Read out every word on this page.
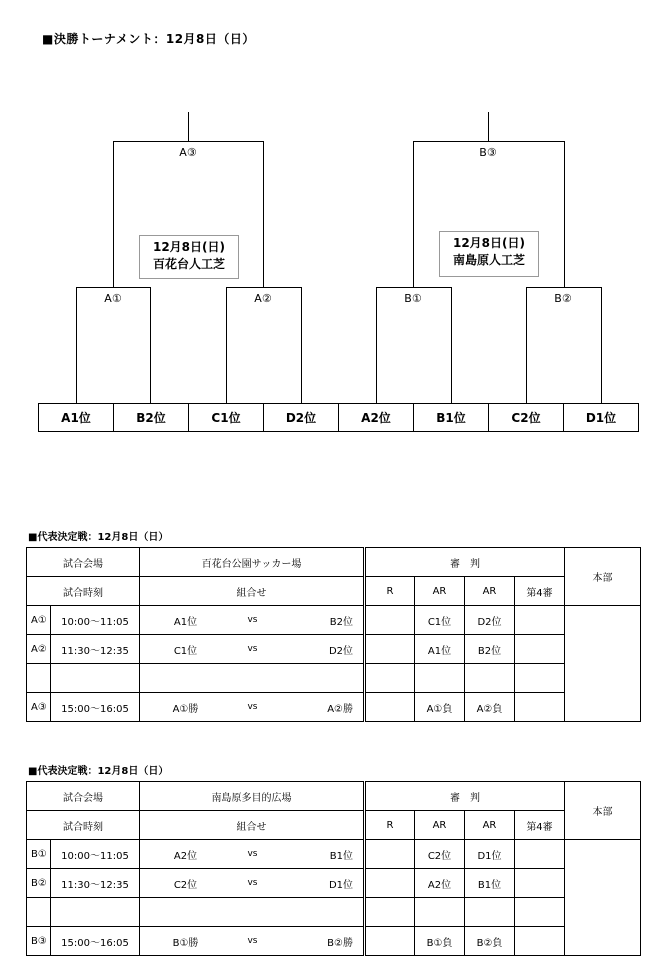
■決勝トーナメント：12月8日（日）
A③
A①	A②
B③
B①	B②
12月8日(日)
百花台人工芝
12月8日(日)
南島原人工芝
A1位	B2位	C1位	D2位	A2位	B1位	C2位	D1位
■代表決定戦：12月8日（日）
試合会場		百花台公園サッカー場	審　判				本部
試合時刻		組合せ	R	AR	AR	第4審	
A①	10:00～11:05	A1位 vs B2位		C1位	D2位		
A②	11:30～12:35	C1位 vs D2位		A1位	B2位		

A③	15:00～16:05	A①勝 vs A②勝		A①負	A②負		
■代表決定戦：12月8日（日）
試合会場		南島原多目的広場	審　判				本部
試合時刻		組合せ	R	AR	AR	第4審	
B①	10:00～11:05	A2位 vs B1位		C2位	D1位		
B②	11:30～12:35	C2位 vs D1位		A2位	B1位		

B③	15:00～16:05	B①勝 vs B②勝		B①負	B②負		
